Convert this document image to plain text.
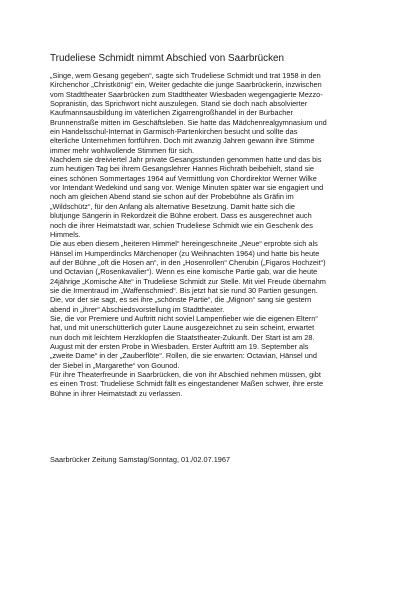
Trudeliese Schmidt nimmt Abschied von Saarbrücken
„Singe, wem Gesang gegeben“, sagte sich Trudeliese Schmidt und trat 1958 in den
Kirchenchor „Christkönig“ ein, Weiter gedachte die junge Saarbrückerin, inzwischen
vom Stadttheater Saarbrücken zum Stadttheater Wiesbaden wegengagierte Mezzo-
Sopranistin, das Sprichwort nicht auszulegen. Stand sie doch nach absolvierter
Kaufmannsausbildung im väterlichen Zigarrengroßhandel in der Burbacher
Brunnenstraße mitten im Geschäftsleben. Sie hatte das Mädchenrealgymnasium und
ein Handelsschul-Internat in Garmisch-Partenkirchen besucht und sollte das
elterliche Unternehmen fortführen. Doch mit zwanzig Jahren gewann ihre Stimme
immer mehr wohlwollende Stimmen für sich.
Nachdem sie dreiviertel Jahr private Gesangsstunden genommen hatte und das bis
zum heutigen Tag bei ihrem Gesangslehrer Hannes Richrath beibehielt, stand sie
eines schönen Sommertages 1964 auf Vermittlung von Chordirektor Werner Wilke
vor Intendant Wedekind und sang vor. Wenige Minuten später war sie engagiert und
noch am gleichen Abend stand sie schon auf der Probebühne als Gräfin im
„Wildschütz“, für den Anfang als alternative Besetzung. Damit hatte sich die
blutjunge Sängerin in Rekordzeit die Bühne erobert. Dass es ausgerechnet auch
noch die ihrer Heimatstadt war, schien Trudeliese Schmidt wie ein Geschenk des
Himmels.
Die aus eben diesem „heiteren Himmel“ hereingeschneite „Neue“ erprobte sich als
Hänsel im Humperdincks Märchenoper (zu Weihnachten 1964) und hatte bis heute
auf der Bühne „oft die Hosen an“, in den „Hosenrollen“ Cherubin („Figaros Hochzeit“)
und Octavian („Rosenkavalier“). Wenn es eine komische Partie gab, war die heute
24jährige „Komische Alte“ in Trudeliese Schmidt zur Stelle. Mit viel Freude übernahm
sie die Irmentraud im „Waffenschmied“. Bis jetzt hat sie rund 30 Partien gesungen.
Die, vor der sie sagt, es sei ihre „schönste Partie“, die „Mignon“ sang sie gestern
abend in „ihrer“ Abschiedsvorstellung im Stadttheater.
Sie, die vor Premiere und Auftritt nicht soviel Lampenfieber wie die eigenen Eltern“
hat, und mit unerschütterlich guter Laune ausgezeichnet zu sein scheint, erwartet
nun doch mit leichtem Herzklopfen die Staatstheater-Zukunft. Der Start ist am 28.
August mit der ersten Probe in Wiesbaden. Erster Auftritt am 19. September als
„zweite Dame“ in der „Zauberflöte“. Rollen, die sie erwarten: Octavian, Hänsel und
der Siebel in „Margarethe“ von Gounod.
Für ihre Theaterfreunde in Saarbrücken, die von ihr Abschied nehmen müssen, gibt
es einen Trost: Trudeliese Schmidt fällt es eingestandener Maßen schwer, ihre erste
Bühne in ihrer Heimatstadt zu verlassen.
Saarbrücker Zeitung Samstag/Sonntag, 01./02.07.1967
